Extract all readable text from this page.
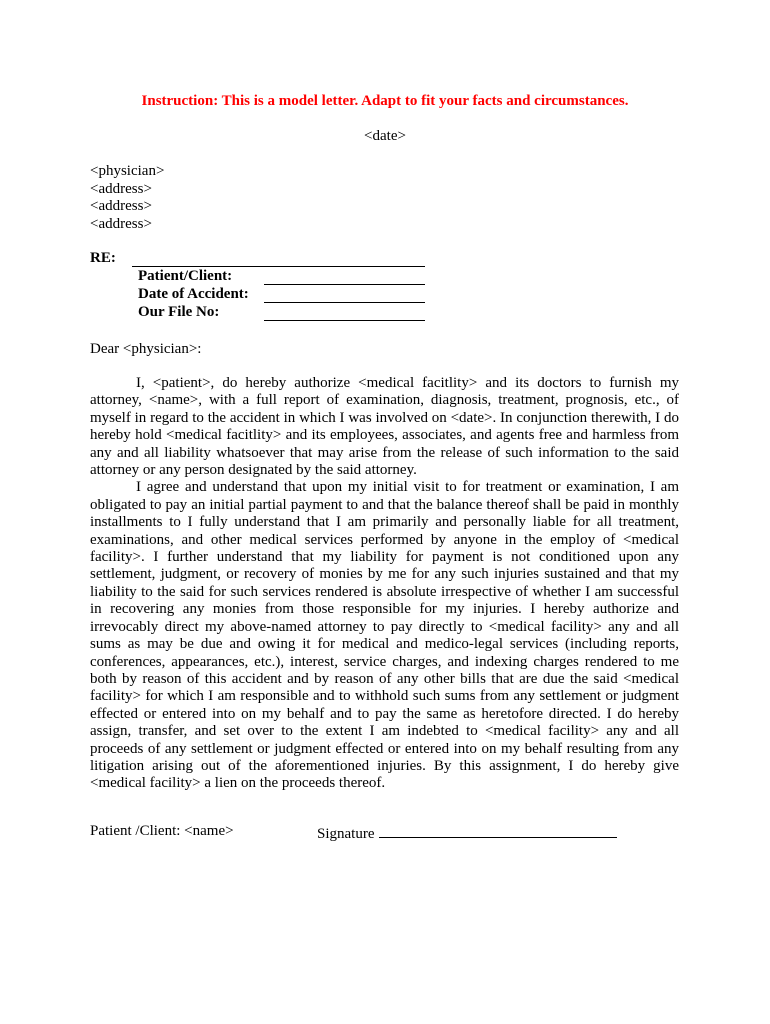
Instruction: This is a model letter. Adapt to fit your facts and circumstances.
<date>
<physician>
<address>
<address>
<address>
RE:
Patient/Client:
Date of Accident:
Our File No:
Dear <physician>:

I, <patient>, do hereby authorize <medical facitlity> and its doctors to furnish my attorney, <name>, with a full report of examination, diagnosis, treatment, prognosis, etc., of myself in regard to the accident in which I was involved on <date>. In conjunction therewith, I do hereby hold <medical facitlity> and its employees, associates, and agents free and harmless from any and all liability whatsoever that may arise from the release of such information to the said attorney or any person designated by the said attorney.

I agree and understand that upon my initial visit to for treatment or examination, I am obligated to pay an initial partial payment to and that the balance thereof shall be paid in monthly installments to I fully understand that I am primarily and personally liable for all treatment, examinations, and other medical services performed by anyone in the employ of <medical facility>. I further understand that my liability for payment is not conditioned upon any settlement, judgment, or recovery of monies by me for any such injuries sustained and that my liability to the said for such services rendered is absolute irrespective of whether I am successful in recovering any monies from those responsible for my injuries. I hereby authorize and irrevocably direct my above-named attorney to pay directly to <medical facility> any and all sums as may be due and owing it for medical and medico-legal services (including reports, conferences, appearances, etc.), interest, service charges, and indexing charges rendered to me both by reason of this accident and by reason of any other bills that are due the said <medical facility> for which I am responsible and to withhold such sums from any settlement or judgment effected or entered into on my behalf and to pay the same as heretofore directed. I do hereby assign, transfer, and set over to the extent I am indebted to <medical facility> any and all proceeds of any settlement or judgment effected or entered into on my behalf resulting from any litigation arising out of the aforementioned injuries. By this assignment, I do hereby give <medical facility> a lien on the proceeds thereof.

Patient /Client: <name>	Signature
